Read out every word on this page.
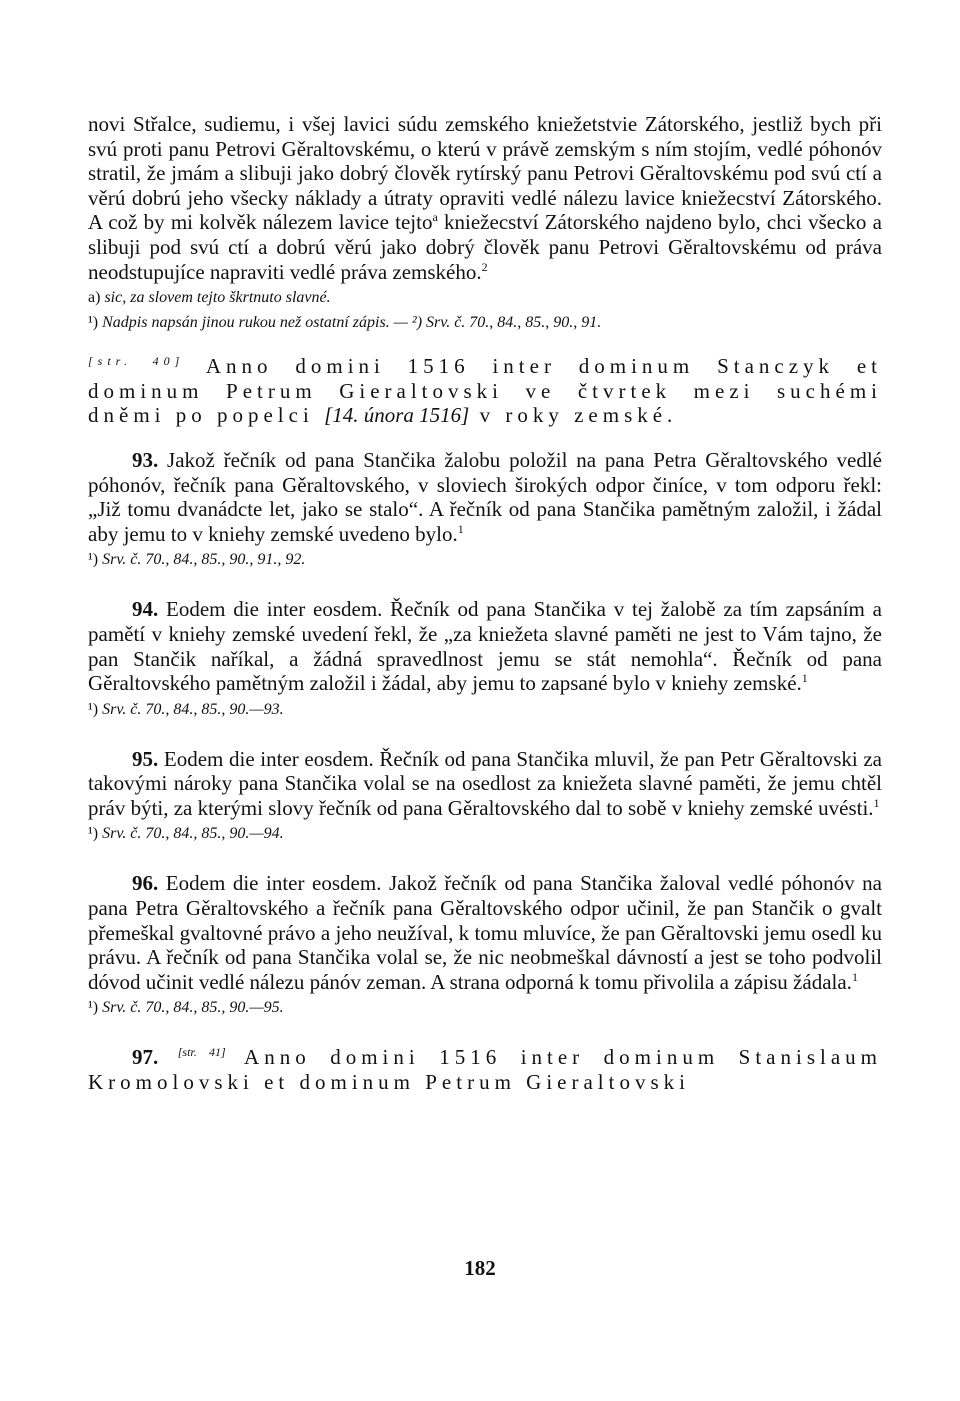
novi Střalce, sudiemu, i všej lavici súdu zemského kniežetstvie Zátorského, jestliž bych při svú proti panu Petrovi Gěraltovskému, o kterú v právě zemským s ním stojím, vedlé póhonóv stratil, že jmám a slibuji jako dobrý člověk rytírský panu Petrovi Gěraltovskému pod svú ctí a věrú dobrú jeho všecky náklady a útraty opraviti vedlé nálezu lavice kniežecství Zátorského. A což by mi kolvěk nálezem lavice tejto$^a$ kniežecství Zátorského najdeno bylo, chci všecko a slibuji pod svú ctí a dobrú věrú jako dobrý člověk panu Petrovi Gěraltovskému od práva neodstupujíce napraviti vedlé práva zemského.$^2$

a) sic, za slovem tejto škrtnuto slavné.

¹) Nadpis napsán jinou rukou než ostatní zápis. — ²) Srv. č. 70., 84., 85., 90., 91.

[str. 40] Anno domini 1516 inter dominum Stanczyk et dominum Petrum Gieraltovski ve čtvrtek mezi suchémi dněmi po popelci [14. února 1516] v roky zemské.

93. Jakož řečník od pana Stančika žalobu položil na pana Petra Gěraltovského vedlé póhonóv, řečník pana Gěraltovského, v sloviech širokých odpor činíce, v tom odporu řekl: „Již tomu dvanádcte let, jako se stalo“. A řečník od pana Stančika pamětným založil, i žádal aby jemu to v kniehy zemské uvedeno bylo.$^1$

¹) Srv. č. 70., 84., 85., 90., 91., 92.

94. Eodem die inter eosdem. Řečník od pana Stančika v tej žalobě za tím zapsáním a pamětí v kniehy zemské uvedení řekl, že „za kniežeta slavné paměti ne jest to Vám tajno, že pan Stančik naříkal, a žádná spravedlnost jemu se stát nemohla“. Řečník od pana Gěraltovského pamětným založil i žádal, aby jemu to zapsané bylo v kniehy zemské.$^1$

¹) Srv. č. 70., 84., 85., 90.—93.

95. Eodem die inter eosdem. Řečník od pana Stančika mluvil, že pan Petr Gěraltovski za takovými nároky pana Stančika volal se na osedlost za kniežeta slavné paměti, že jemu chtěl práv býti, za kterými slovy řečník od pana Gěraltovského dal to sobě v kniehy zemské uvésti.$^1$

¹) Srv. č. 70., 84., 85., 90.—94.

96. Eodem die inter eosdem. Jakož řečník od pana Stančika žaloval vedlé póhonóv na pana Petra Gěraltovského a řečník pana Gěraltovského odpor učinil, že pan Stančik o gvalt přemeškal gvaltovné právo a jeho neužíval, k tomu mluvíce, že pan Gěraltovski jemu osedl ku právu. A řečník od pana Stančika volal se, že nic neobmeškal dávností a jest se toho podvolil dóvod učinit vedlé nálezu pánóv zeman. A strana odporná k tomu přivolila a zápisu žádala.$^1$

¹) Srv. č. 70., 84., 85., 90.—95.

97. [str. 41] Anno domini 1516 inter dominum Stanislaum Kromolovski et dominum Petrum Gieraltovski

182
